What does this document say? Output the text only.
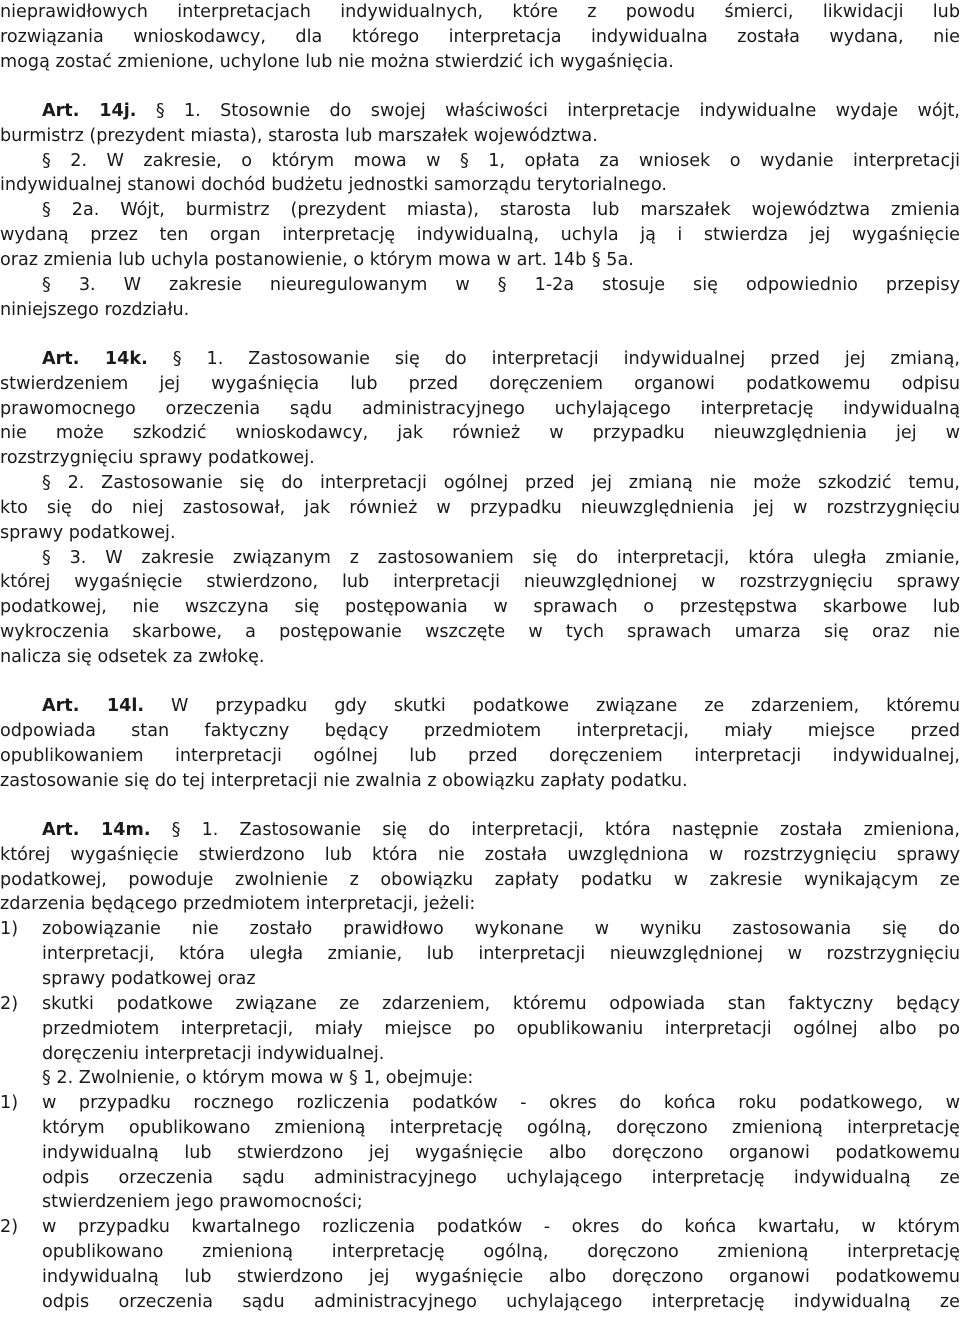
nieprawidłowych interpretacjach indywidualnych, które z powodu śmierci, likwidacji lub
rozwiązania wnioskodawcy, dla którego interpretacja indywidualna została wydana, nie
mogą zostać zmienione, uchylone lub nie można stwierdzić ich wygaśnięcia.
Art. 14j. § 1. Stosownie do swojej właściwości interpretacje indywidualne wydaje wójt,
burmistrz (prezydent miasta), starosta lub marszałek województwa.
§ 2. W zakresie, o którym mowa w § 1, opłata za wniosek o wydanie interpretacji
indywidualnej stanowi dochód budżetu jednostki samorządu terytorialnego.
§ 2a. Wójt, burmistrz (prezydent miasta), starosta lub marszałek województwa zmienia
wydaną przez ten organ interpretację indywidualną, uchyla ją i stwierdza jej wygaśnięcie
oraz zmienia lub uchyla postanowienie, o którym mowa w art. 14b § 5a.
§ 3. W zakresie nieuregulowanym w § 1-2a stosuje się odpowiednio przepisy
niniejszego rozdziału.
Art. 14k. § 1. Zastosowanie się do interpretacji indywidualnej przed jej zmianą,
stwierdzeniem jej wygaśnięcia lub przed doręczeniem organowi podatkowemu odpisu
prawomocnego orzeczenia sądu administracyjnego uchylającego interpretację indywidualną
nie może szkodzić wnioskodawcy, jak również w przypadku nieuwzględnienia jej w
rozstrzygnięciu sprawy podatkowej.
§ 2. Zastosowanie się do interpretacji ogólnej przed jej zmianą nie może szkodzić temu,
kto się do niej zastosował, jak również w przypadku nieuwzględnienia jej w rozstrzygnięciu
sprawy podatkowej.
§ 3. W zakresie związanym z zastosowaniem się do interpretacji, która uległa zmianie,
której wygaśnięcie stwierdzono, lub interpretacji nieuwzględnionej w rozstrzygnięciu sprawy
podatkowej, nie wszczyna się postępowania w sprawach o przestępstwa skarbowe lub
wykroczenia skarbowe, a postępowanie wszczęte w tych sprawach umarza się oraz nie
nalicza się odsetek za zwłokę.
Art. 14l. W przypadku gdy skutki podatkowe związane ze zdarzeniem, któremu
odpowiada stan faktyczny będący przedmiotem interpretacji, miały miejsce przed
opublikowaniem interpretacji ogólnej lub przed doręczeniem interpretacji indywidualnej,
zastosowanie się do tej interpretacji nie zwalnia z obowiązku zapłaty podatku.
Art. 14m. § 1. Zastosowanie się do interpretacji, która następnie została zmieniona,
której wygaśnięcie stwierdzono lub która nie została uwzględniona w rozstrzygnięciu sprawy
podatkowej, powoduje zwolnienie z obowiązku zapłaty podatku w zakresie wynikającym ze
zdarzenia będącego przedmiotem interpretacji, jeżeli:
1)	zobowiązanie nie zostało prawidłowo wykonane w wyniku zastosowania się do
interpretacji, która uległa zmianie, lub interpretacji nieuwzględnionej w rozstrzygnięciu
sprawy podatkowej oraz
2)	skutki podatkowe związane ze zdarzeniem, któremu odpowiada stan faktyczny będący
przedmiotem interpretacji, miały miejsce po opublikowaniu interpretacji ogólnej albo po
doręczeniu interpretacji indywidualnej.
§ 2. Zwolnienie, o którym mowa w § 1, obejmuje:
1)	w przypadku rocznego rozliczenia podatków - okres do końca roku podatkowego, w
którym opublikowano zmienioną interpretację ogólną, doręczono zmienioną interpretację
indywidualną lub stwierdzono jej wygaśnięcie albo doręczono organowi podatkowemu
odpis orzeczenia sądu administracyjnego uchylającego interpretację indywidualną ze
stwierdzeniem jego prawomocności;
2)	w przypadku kwartalnego rozliczenia podatków - okres do końca kwartału, w którym
opublikowano zmienioną interpretację ogólną, doręczono zmienioną interpretację
indywidualną lub stwierdzono jej wygaśnięcie albo doręczono organowi podatkowemu
odpis orzeczenia sądu administracyjnego uchylającego interpretację indywidualną ze
